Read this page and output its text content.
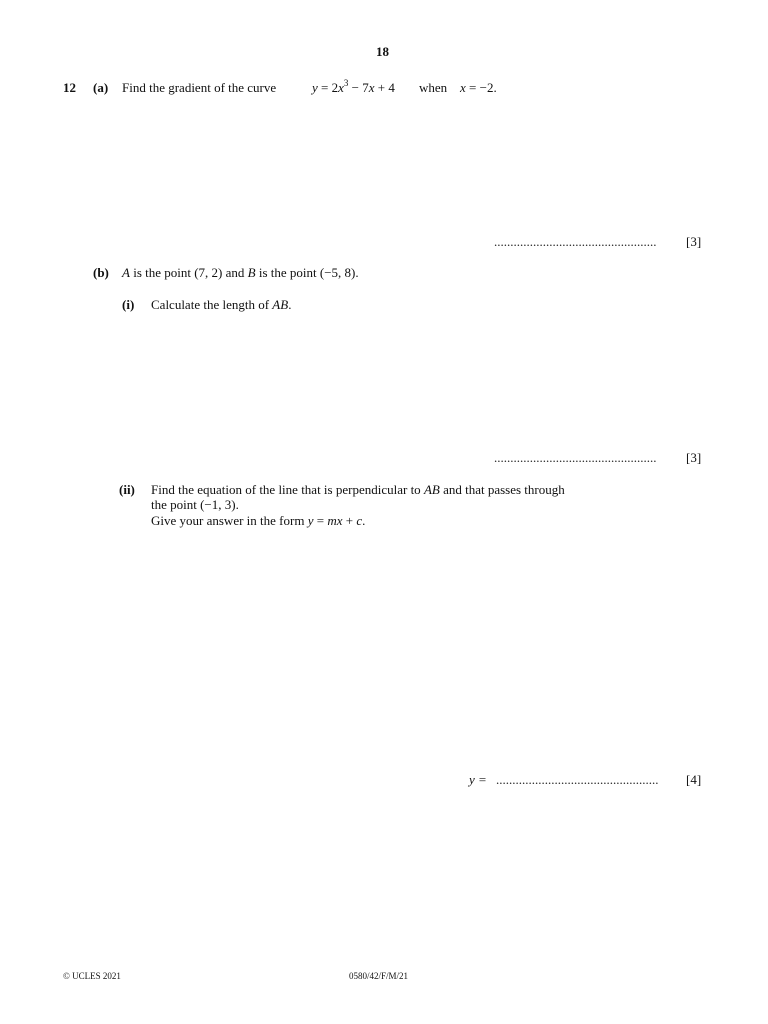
18
12 (a) Find the gradient of the curve	$y = 2x^3 - 7x + 4$ when x = −2.
.................................................. [3]
(b) A is the point (7, 2) and B is the point (−5, 8).
(i) Calculate the length of AB.
.................................................. [3]
(ii) Find the equation of the line that is perpendicular to AB and that passes through
the point (−1, 3).
Give your answer in the form y = mx + c.
y = .................................................. [4]
© UCLES 2021	0580/42/F/M/21
